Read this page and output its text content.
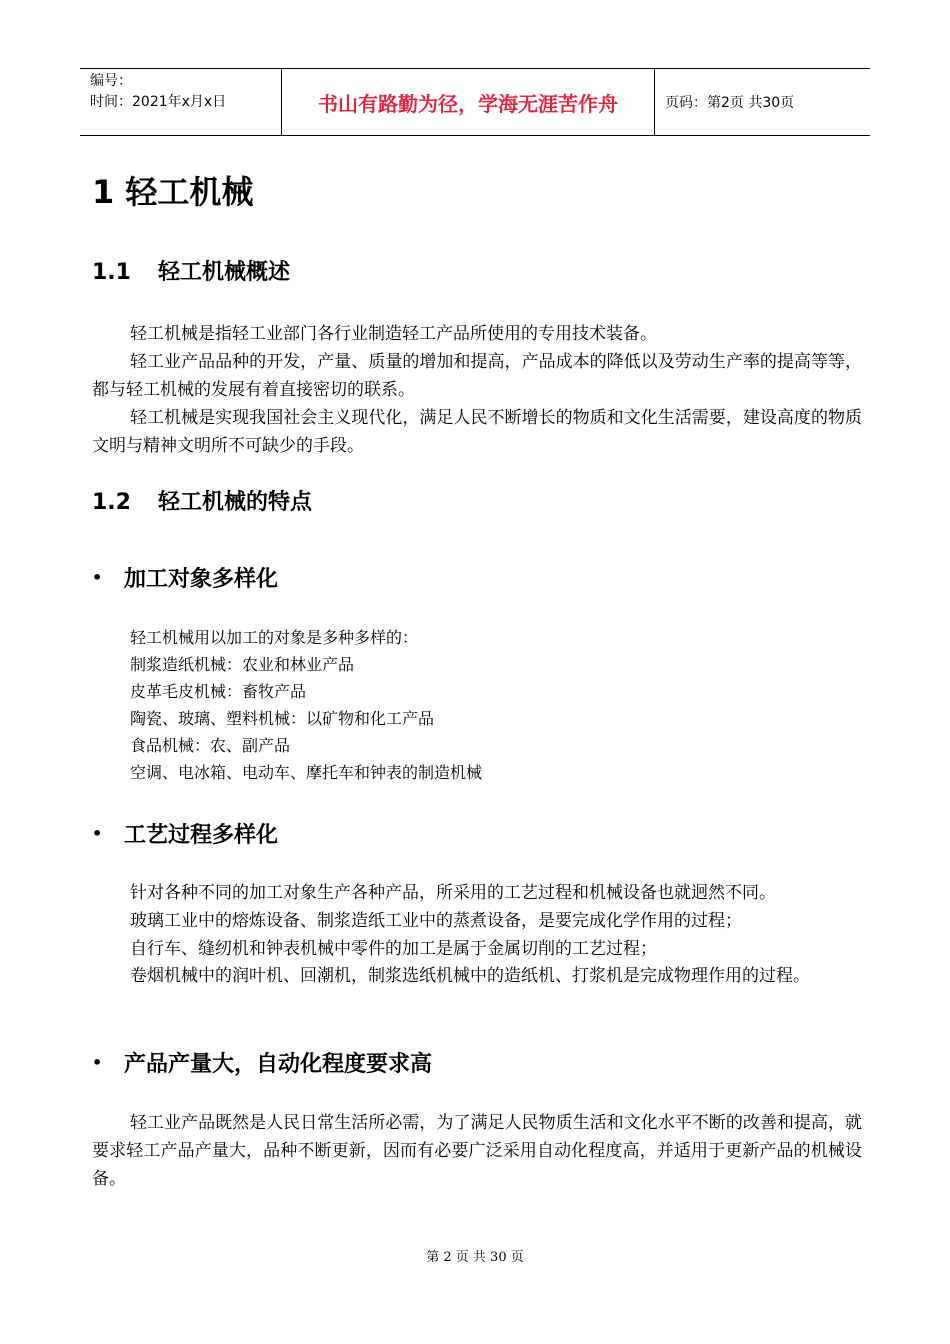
编号：
时间：2021年x月x日	书山有路勤为径，学海无涯苦作舟	页码：第2页 共30页
1 轻工机械
1.1 轻工机械概述

轻工机械是指轻工业部门各行业制造轻工产品所使用的专用技术装备。

轻工业产品品种的开发，产量、质量的增加和提高，产品成本的降低以及劳动生产率的提高等等，都与轻工机械的发展有着直接密切的联系。

轻工机械是实现我国社会主义现代化，满足人民不断增长的物质和文化生活需要，建设高度的物质文明与精神文明所不可缺少的手段。

1.2 轻工机械的特点
• 加工对象多样化
轻工机械用以加工的对象是多种多样的：
制浆造纸机械：农业和林业产品
皮革毛皮机械：畜牧产品
陶瓷、玻璃、塑料机械：以矿物和化工产品
食品机械：农、副产品
空调、电冰箱、电动车、摩托车和钟表的制造机械
• 工艺过程多样化

针对各种不同的加工对象生产各种产品，所采用的工艺过程和机械设备也就迥然不同。

玻璃工业中的熔炼设备、制浆造纸工业中的蒸煮设备，是要完成化学作用的过程；

自行车、缝纫机和钟表机械中零件的加工是属于金属切削的工艺过程；

卷烟机械中的润叶机、回潮机，制浆选纸机械中的造纸机、打浆机是完成物理作用的过程。

• 产品产量大，自动化程度要求高

轻工业产品既然是人民日常生活所必需，为了满足人民物质生活和文化水平不断的改善和提高，就要求轻工产品产量大，品种不断更新，因而有必要广泛采用自动化程度高，并适用于更新产品的机械设备。

第 2 页 共 30 页
